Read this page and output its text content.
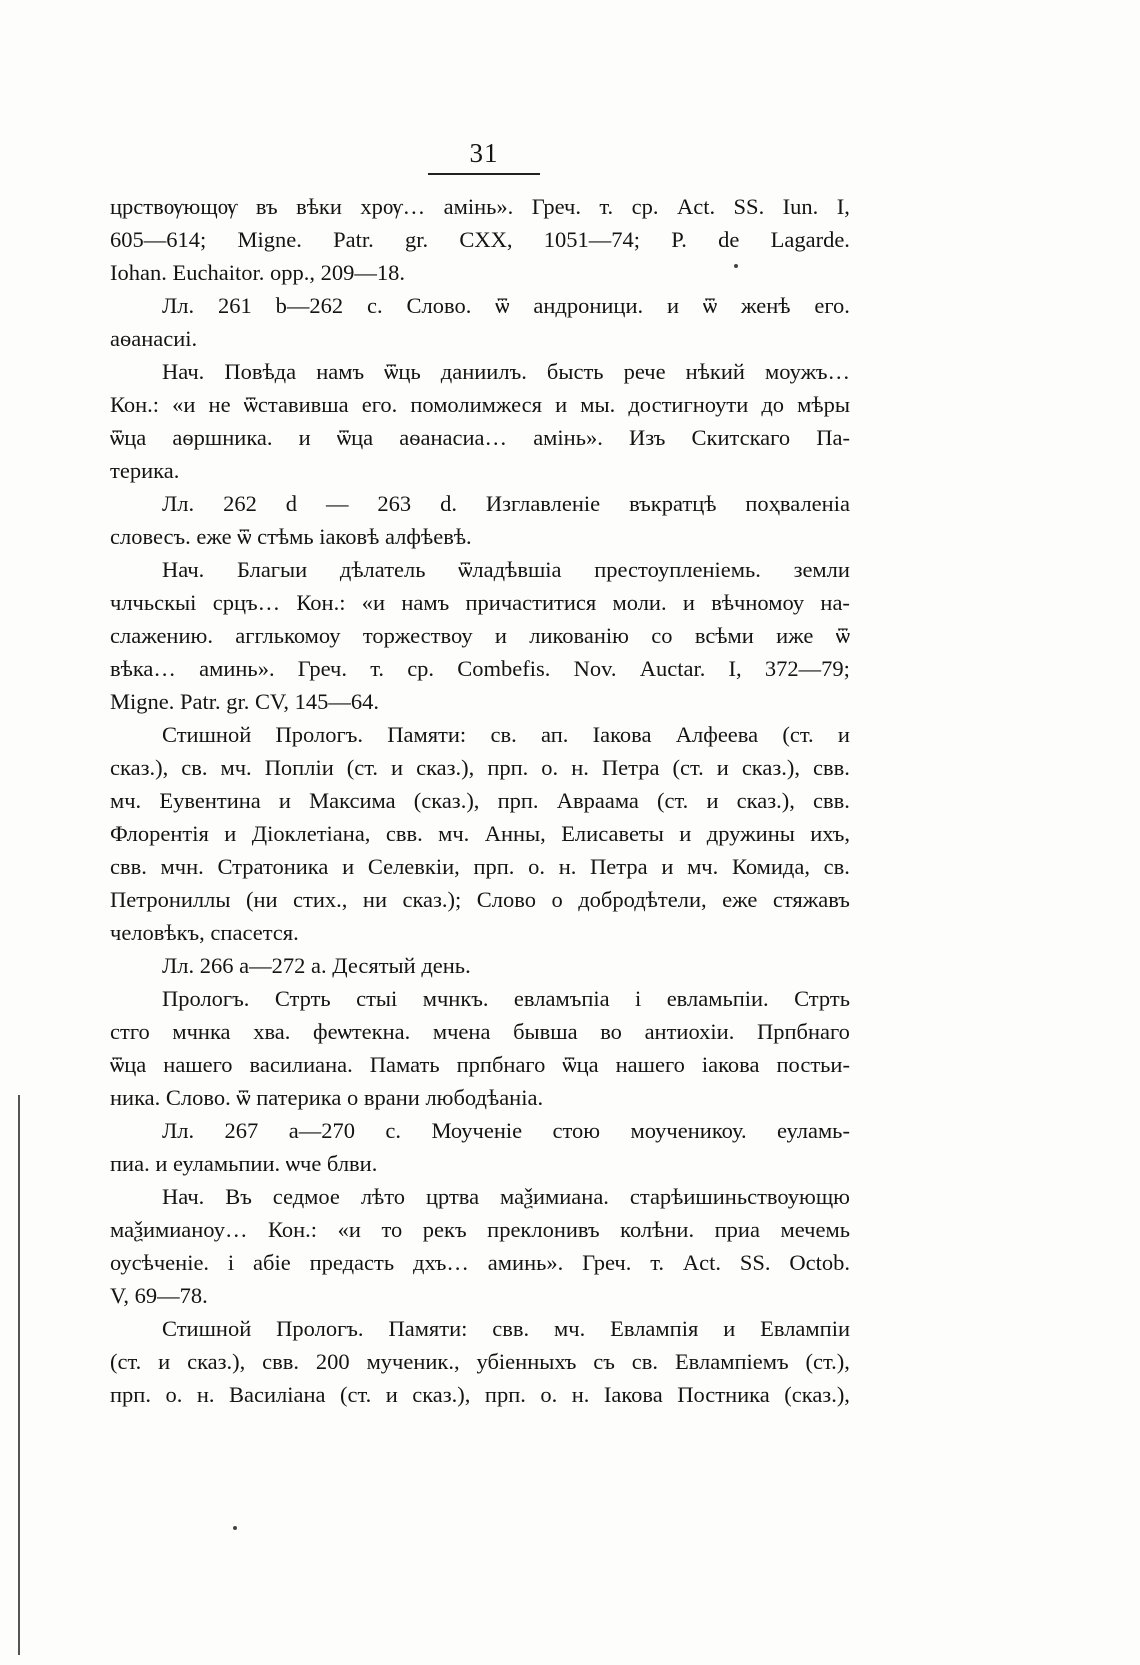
31
црствѹющѹ въ вѣки хрѹ… амінь». Греч. т. ср. Act. SS. Iun. I,
605—614; Migne. Patr. gr. CXX, 1051—74; P. de Lagarde.
Iohan. Euchaitor. opp., 209—18.
Лл. 261 b—262 c. Слово. ѿ андроници. и ѿ женѣ его.
аѳанасиі.
Нач. Повѣда намъ ѿць даниилъ. бысть рече нѣкий моужъ…
Кон.: «и не ѿставивша его. помолимжеся и мы. достигноути до мѣры
ѿца аѳршника. и ѿца аѳанасиа… амінь». Изъ Скитскаго Па-
терика.
Лл. 262 d — 263 d. Изглавленіе въкратцѣ поҳваленіа
словесъ. еже ѿ стѣмь іаковѣ алфѣевѣ.
Нач. Благыи дѣлатель ѿладѣвшіа престоупленіемь. земли
члчьскыі срцъ… Кон.: «и намъ причаститися моли. и вѣчномоу на-
слажению. агглькомоу торжествоу и ликованію со всѣми иже ѿ
вѣка… аминь». Греч. т. ср. Combefis. Nov. Auctar. I, 372—79;
Migne. Patr. gr. CV, 145—64.
Стишной Прологъ. Памяти: св. ап. Іакова Алфеева (ст. и
сказ.), св. мч. Попліи (ст. и сказ.), прп. о. н. Петра (ст. и сказ.), свв.
мч. Еувентина и Максима (сказ.), прп. Авраама (ст. и сказ.), свв.
Флорентія и Діоклетіана, свв. мч. Анны, Елисаветы и дружины ихъ,
свв. мчн. Стратоника и Селевкіи, прп. о. н. Петра и мч. Комида, св.
Петрониллы (ни стих., ни сказ.); Слово о добродѣтели, еже стяжавъ
человѣкъ, спасется.
Лл. 266 а—272 а. Десятый день.
Прологъ. Стрть стыі мчнкъ. евламъпіа і евламьпіи. Стрть
стго мчнка хва. феѡтекна. мчена бывша во антиохіи. Прпбнаго
ѿца нашего василиана. Памать прпбнаго ѿца нашего іакова постьи-
ника. Слово. ѿ патерика о врани любодѣаніа.
Лл. 267 а—270 с. Моученіе стою моученикоу. еуламь-
пиа. и еуламьпии. ѡче блви.
Нач. Въ седмое лѣто цртва маѯимиана. старѣишиньствоующю
маѯимианоу… Кон.: «и то рекъ преклонивъ колѣни. приа мечемь
оусѣченіе. і абіе предасть дхъ… аминь». Греч. т. Act. SS. Octob.
V, 69—78.
Стишной Прологъ. Памяти: свв. мч. Евлампія и Евлампіи
(ст. и сказ.), свв. 200 мученик., убіенныхъ съ св. Евлампіемъ (ст.),
прп. о. н. Василіана (ст. и сказ.), прп. о. н. Іакова Постника (сказ.),
